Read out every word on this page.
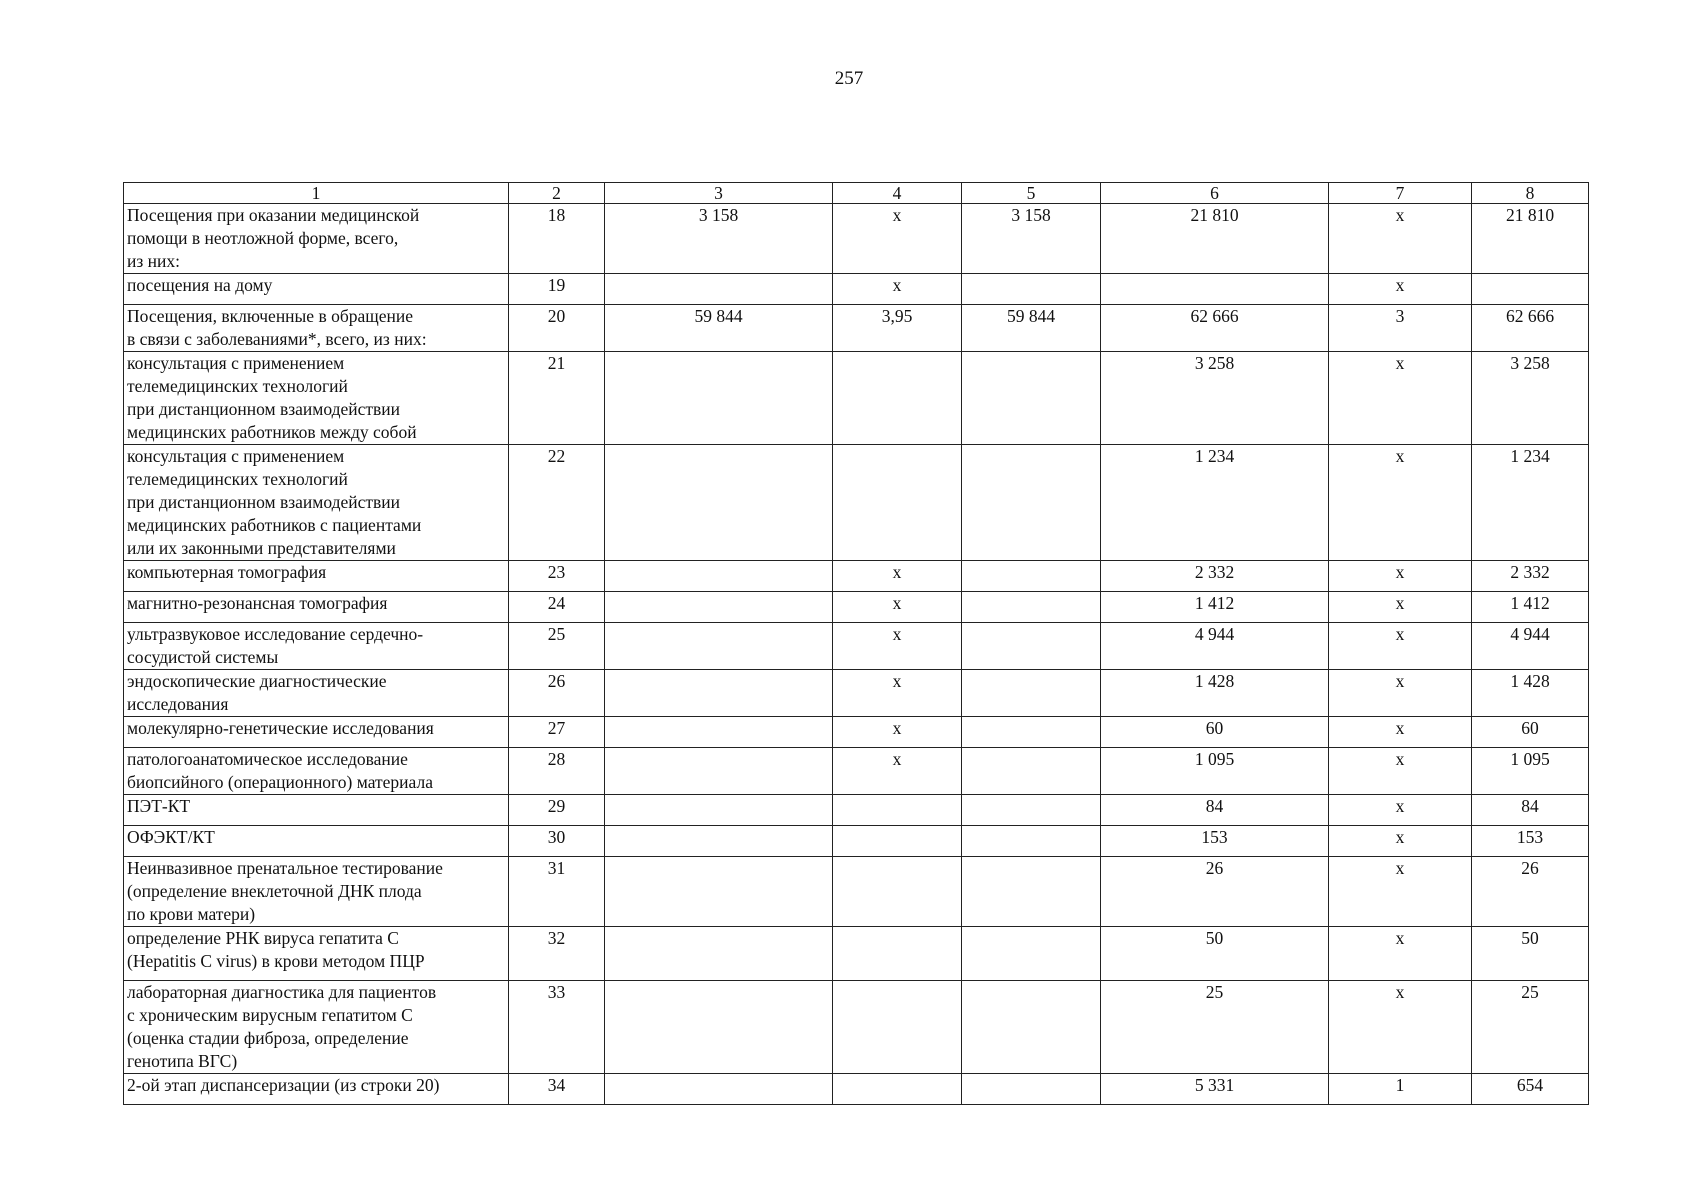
257
1	2	3	4	5	6	7	8
Посещения при оказании медицинской
помощи в неотложной форме, всего,
из них:	18	3 158	х	3 158	21 810	х	21 810
посещения на дому	19		х			х	
Посещения, включенные в обращение
в связи с заболеваниями*, всего, из них:	20	59 844	3,95	59 844	62 666	3	62 666
консультация с применением
телемедицинских технологий
при дистанционном взаимодействии
медицинских работников между собой	21				3 258	х	3 258
консультация с применением
телемедицинских технологий
при дистанционном взаимодействии
медицинских работников с пациентами
или их законными представителями	22				1 234	х	1 234
компьютерная томография	23		х		2 332	х	2 332
магнитно-резонансная томография	24		х		1 412	х	1 412
ультразвуковое исследование сердечно-
сосудистой системы	25		х		4 944	х	4 944
эндоскопические диагностические
исследования	26		х		1 428	х	1 428
молекулярно-генетические исследования	27		х		60	х	60
патологоанатомическое исследование
биопсийного (операционного) материала	28		х		1 095	х	1 095
ПЭТ-КТ	29				84	х	84
ОФЭКТ/КТ	30				153	х	153
Неинвазивное пренатальное тестирование
(определение внеклеточной ДНК плода
по крови матери)	31				26	х	26
определение РНК вируса гепатита С
(Hepatitis C virus) в крови методом ПЦР	32				50	х	50
лабораторная диагностика для пациентов
с хроническим вирусным гепатитом С
(оценка стадии фиброза, определение
генотипа ВГС)	33				25	х	25
2-ой этап диспансеризации (из строки 20)	34				5 331	1	654
